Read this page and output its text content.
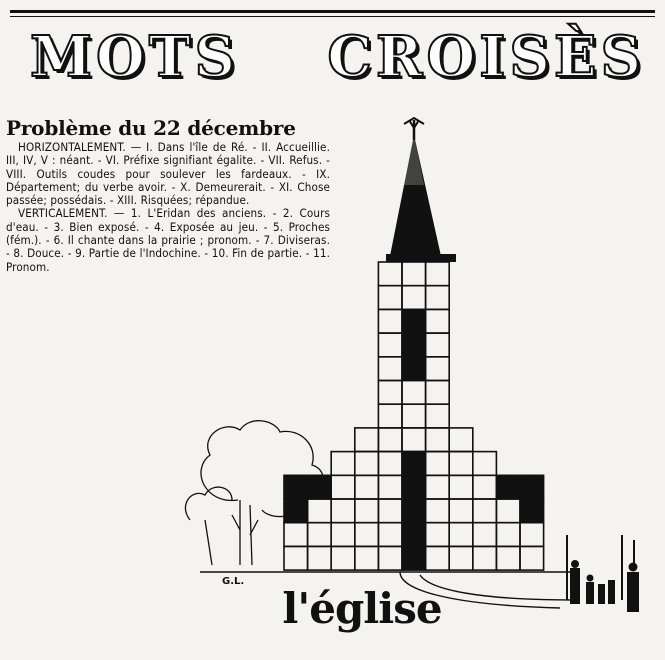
MOTS CROISÈS
Problème du 22 décembre

HORIZONTALEMENT. — I. Dans l'île de Ré. - II. Accueillie. III, IV, V : néant. - VI. Préfixe signifiant égalite. - VII. Refus. - VIII. Outils coudes pour soulever les fardeaux. - IX. Département; du verbe avoir. - X. Demeurerait. - XI. Chose passée; possédais. - XIII. Risquées; répandue.

VERTICALEMENT. — 1. L'Eridan des anciens. - 2. Cours d'eau. - 3. Bien exposé. - 4. Exposée au jeu. - 5. Proches (fém.). - 6. Il chante dans la prairie ; pronom. - 7. Diviseras. - 8. Douce. - 9. Partie de l'Indochine. - 10. Fin de partie. - 11. Pronom.

G.L.
l'église
